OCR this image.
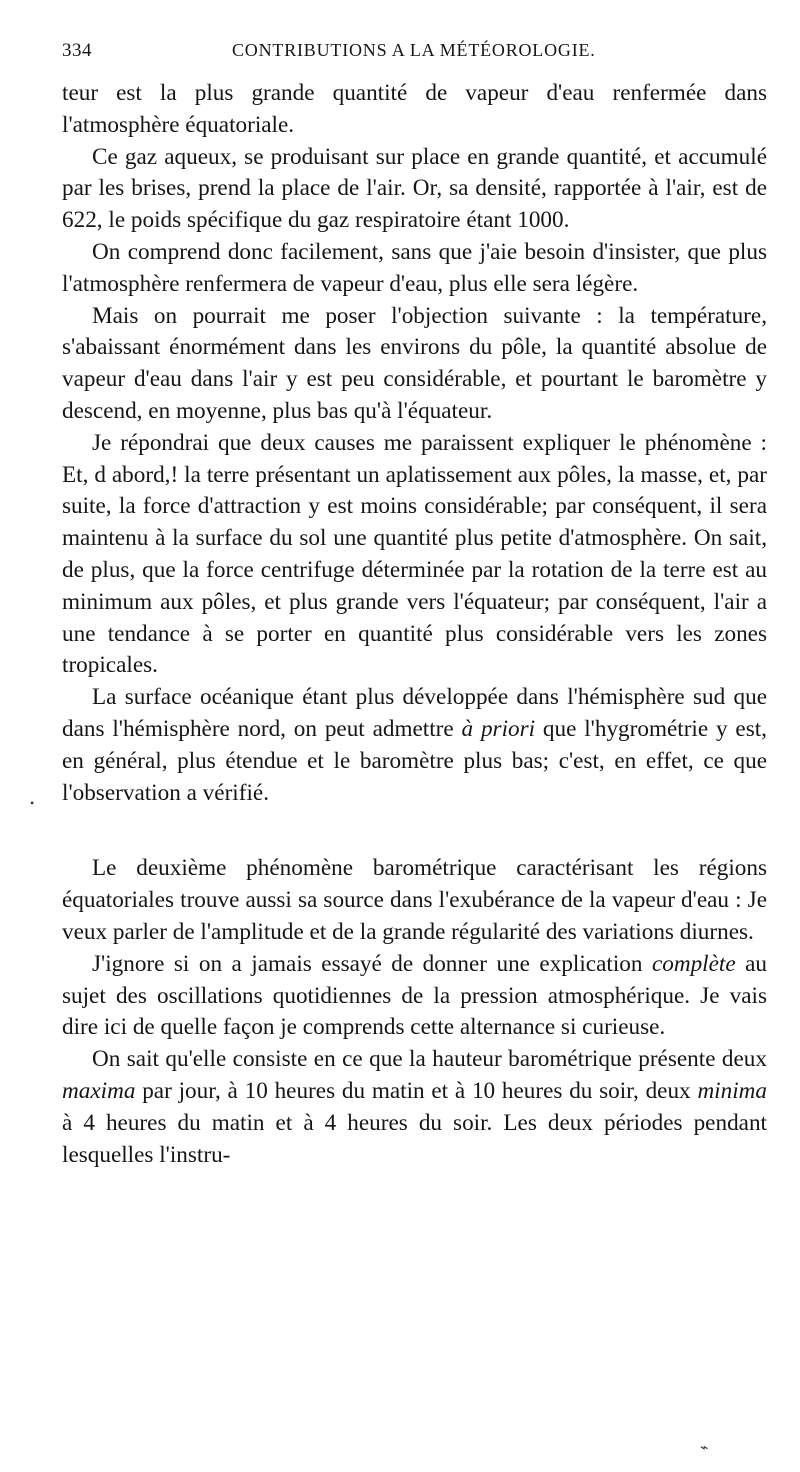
334	CONTRIBUTIONS A LA MÉTÉOROLOGIE.

teur est la plus grande quantité de vapeur d'eau renfermée dans l'atmosphère équatoriale.

Ce gaz aqueux, se produisant sur place en grande quantité, et accumulé par les brises, prend la place de l'air. Or, sa densité, rapportée à l'air, est de 622, le poids spécifique du gaz respiratoire étant 1000.

On comprend donc facilement, sans que j'aie besoin d'insister, que plus l'atmosphère renfermera de vapeur d'eau, plus elle sera légère.

Mais on pourrait me poser l'objection suivante : la température, s'abaissant énormément dans les environs du pôle, la quantité absolue de vapeur d'eau dans l'air y est peu considérable, et pourtant le baromètre y descend, en moyenne, plus bas qu'à l'équateur.

Je répondrai que deux causes me paraissent expliquer le phénomène : Et, d abord,! la terre présentant un aplatissement aux pôles, la masse, et, par suite, la force d'attraction y est moins considérable; par conséquent, il sera maintenu à la surface du sol une quantité plus petite d'atmosphère. On sait, de plus, que la force centrifuge déterminée par la rotation de la terre est au minimum aux pôles, et plus grande vers l'équateur; par conséquent, l'air a une tendance à se porter en quantité plus considérable vers les zones tropicales.

La surface océanique étant plus développée dans l'hémisphère sud que dans l'hémisphère nord, on peut admettre à priori que l'hygrométrie y est, en général, plus étendue et le baromètre plus bas; c'est, en effet, ce que l'observation a vérifié.

Le deuxième phénomène barométrique caractérisant les régions équatoriales trouve aussi sa source dans l'exubérance de la vapeur d'eau : Je veux parler de l'amplitude et de la grande régularité des variations diurnes.

J'ignore si on a jamais essayé de donner une explication complète au sujet des oscillations quotidiennes de la pression atmosphérique. Je vais dire ici de quelle façon je comprends cette alternance si curieuse.

On sait qu'elle consiste en ce que la hauteur barométrique présente deux maxima par jour, à 10 heures du matin et à 10 heures du soir, deux minima à 4 heures du matin et à 4 heures du soir. Les deux périodes pendant lesquelles l'instru-

•
⌁
